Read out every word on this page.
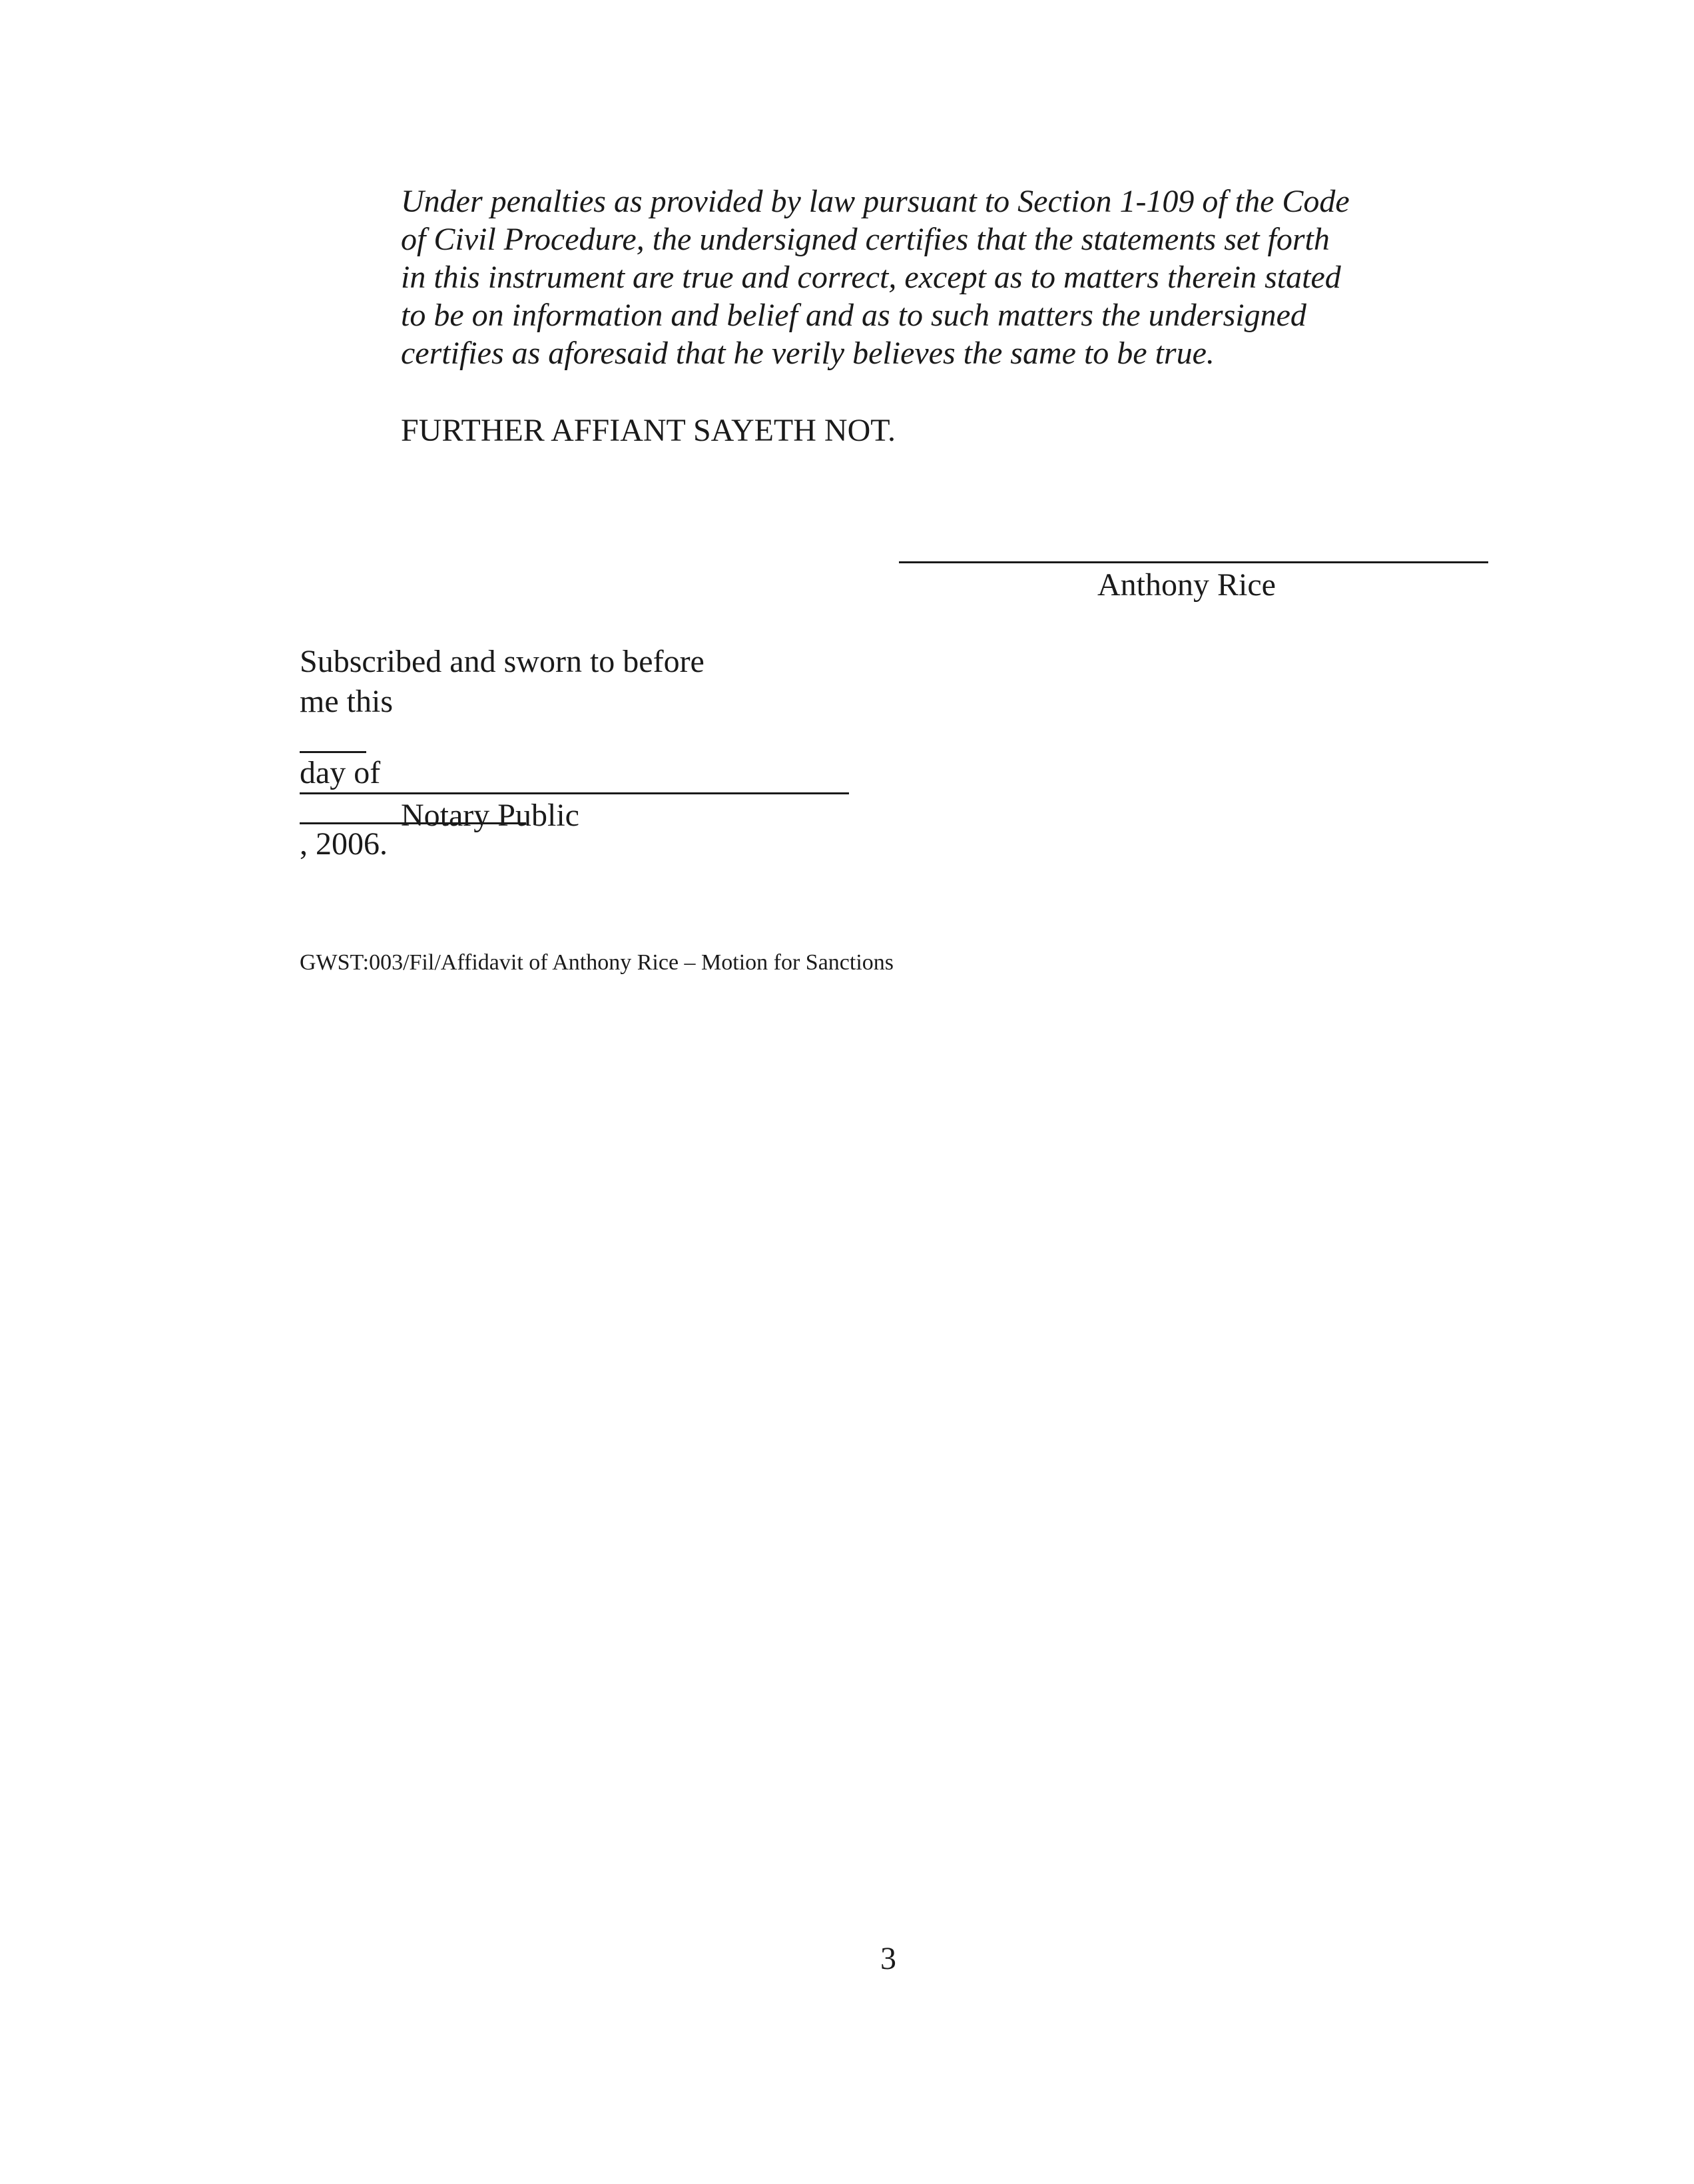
Under penalties as provided by law pursuant to Section 1-109 of the Code
of Civil Procedure, the undersigned certifies that the statements set forth
in this instrument are true and correct, except as to matters therein stated
to be on information and belief and as to such matters the undersigned
certifies as aforesaid that he verily believes the same to be true.

FURTHER AFFIANT SAYETH NOT.
Anthony Rice
Subscribed and sworn to before
me this
day of
, 2006.
Notary Public
GWST:003/Fil/Affidavit of Anthony Rice – Motion for Sanctions
3
